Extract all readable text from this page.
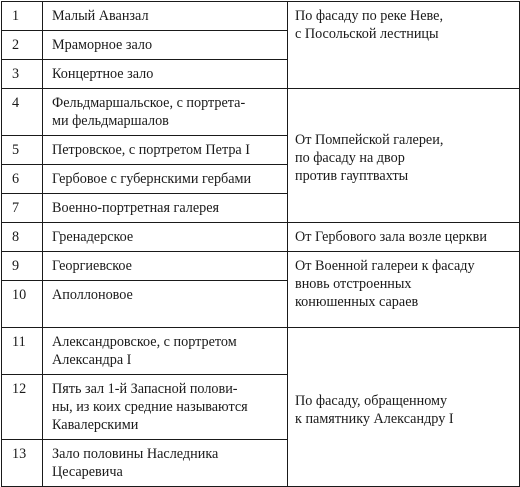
1	Малый Аванзал	По фасаду по реке Неве,
с Посольской лестницы

2	Мраморное зало	

3	Концертное зало	

4	Фельдмаршальское, с портрета-
ми фельдмаршалов	От Помпейской галереи,
по фасаду на двор
против гауптвахты

5	Петровское, с портретом Петра I	

6	Гербовое с губернскими гербами	

7	Военно-портретная галерея	

8	Гренадерское	От Гербового зала возле церкви

9	Георгиевское	От Военной галереи к фасаду
вновь отстроенных
конюшенных сараев

10	Аполлоновое	

11	Александровское, с портретом
Александра I	По фасаду, обращенному
к памятнику Александру I

12	Пять зал 1-й Запасной полови-
ны, из коих средние называются
Кавалерскими	

13	Зало половины Наследника
Цесаревича	
